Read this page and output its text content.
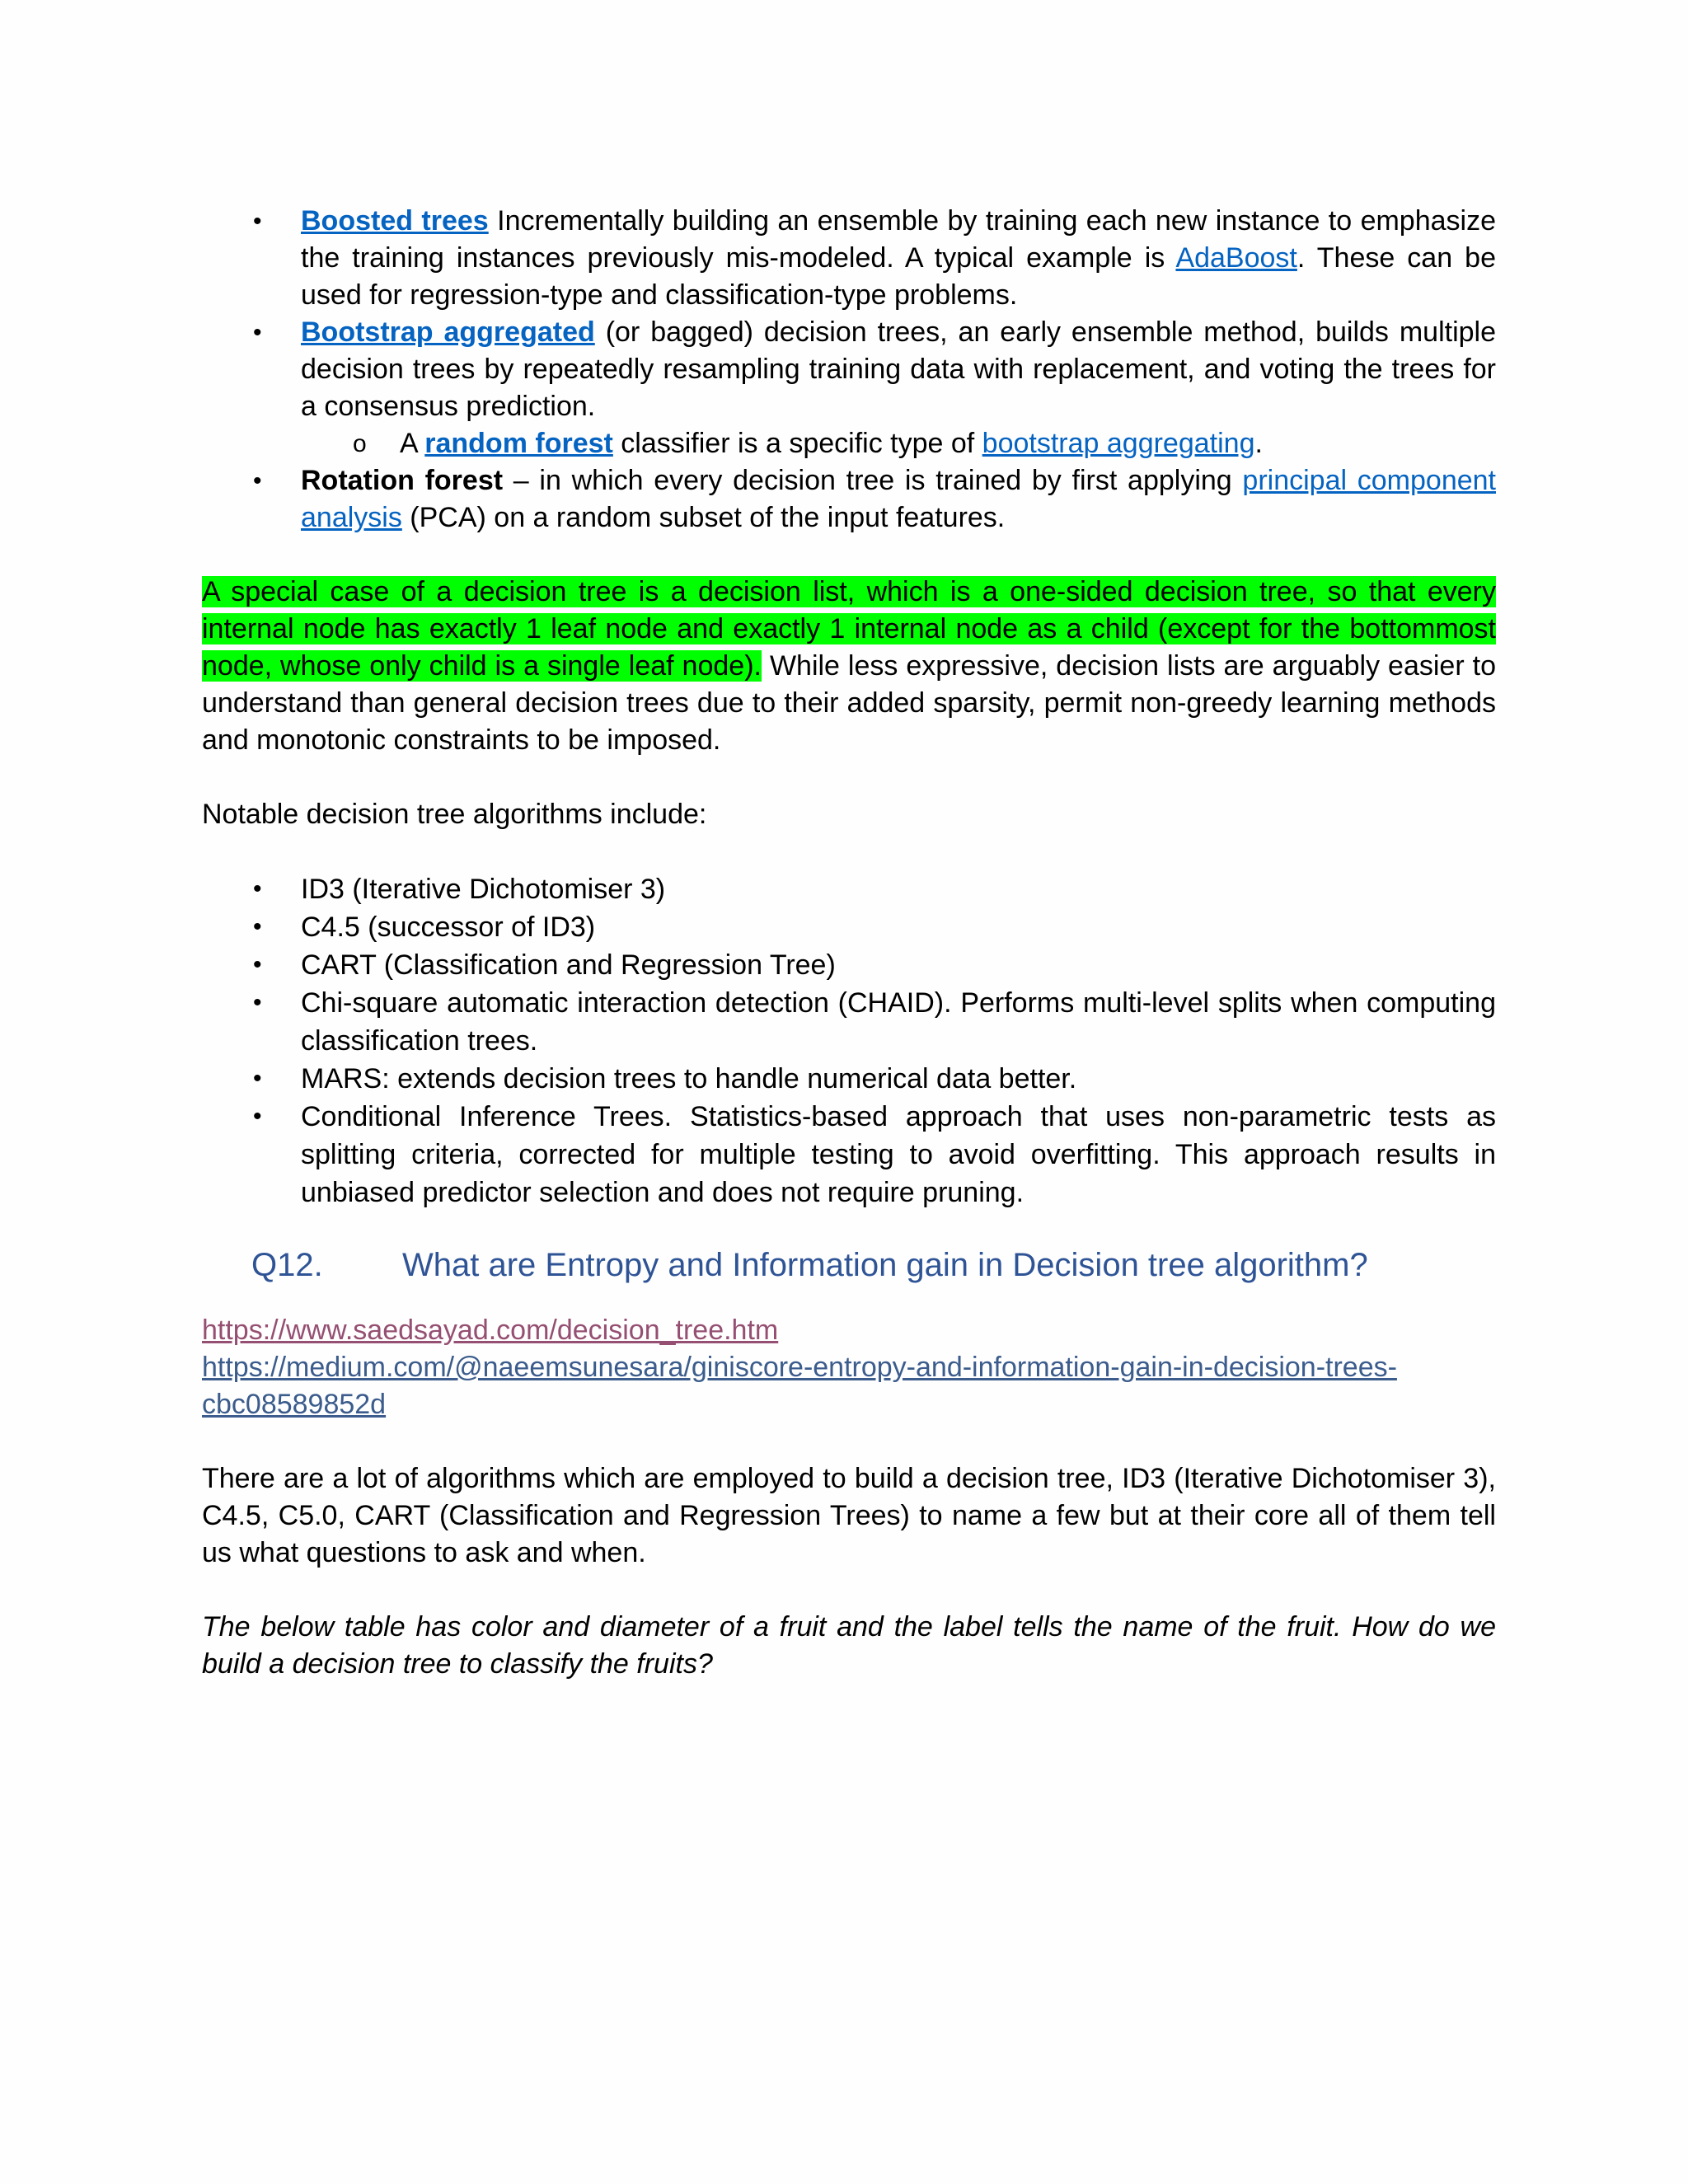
• Boosted trees Incrementally building an ensemble by training each new instance to emphasize the training instances previously mis-modeled. A typical example is AdaBoost. These can be used for regression-type and classification-type problems.
• Bootstrap aggregated (or bagged) decision trees, an early ensemble method, builds multiple decision trees by repeatedly resampling training data with replacement, and voting the trees for a consensus prediction.
o A random forest classifier is a specific type of bootstrap aggregating.
• Rotation forest – in which every decision tree is trained by first applying principal component analysis (PCA) on a random subset of the input features.

A special case of a decision tree is a decision list, which is a one-sided decision tree, so that every internal node has exactly 1 leaf node and exactly 1 internal node as a child (except for the bottommost node, whose only child is a single leaf node). While less expressive, decision lists are arguably easier to understand than general decision trees due to their added sparsity, permit non-greedy learning methods and monotonic constraints to be imposed.

Notable decision tree algorithms include:

• ID3 (Iterative Dichotomiser 3)
• C4.5 (successor of ID3)
• CART (Classification and Regression Tree)
• Chi-square automatic interaction detection (CHAID). Performs multi-level splits when computing classification trees.
• MARS: extends decision trees to handle numerical data better.
• Conditional Inference Trees. Statistics-based approach that uses non-parametric tests as splitting criteria, corrected for multiple testing to avoid overfitting. This approach results in unbiased predictor selection and does not require pruning.
Q12. What are Entropy and Information gain in Decision tree algorithm?

https://www.saedsayad.com/decision_tree.htm

https://medium.com/@naeemsunesara/giniscore-entropy-and-information-gain-in-decision-trees-cbc08589852d

There are a lot of algorithms which are employed to build a decision tree, ID3 (Iterative Dichotomiser 3), C4.5, C5.0, CART (Classification and Regression Trees) to name a few but at their core all of them tell us what questions to ask and when.

The below table has color and diameter of a fruit and the label tells the name of the fruit. How do we build a decision tree to classify the fruits?
